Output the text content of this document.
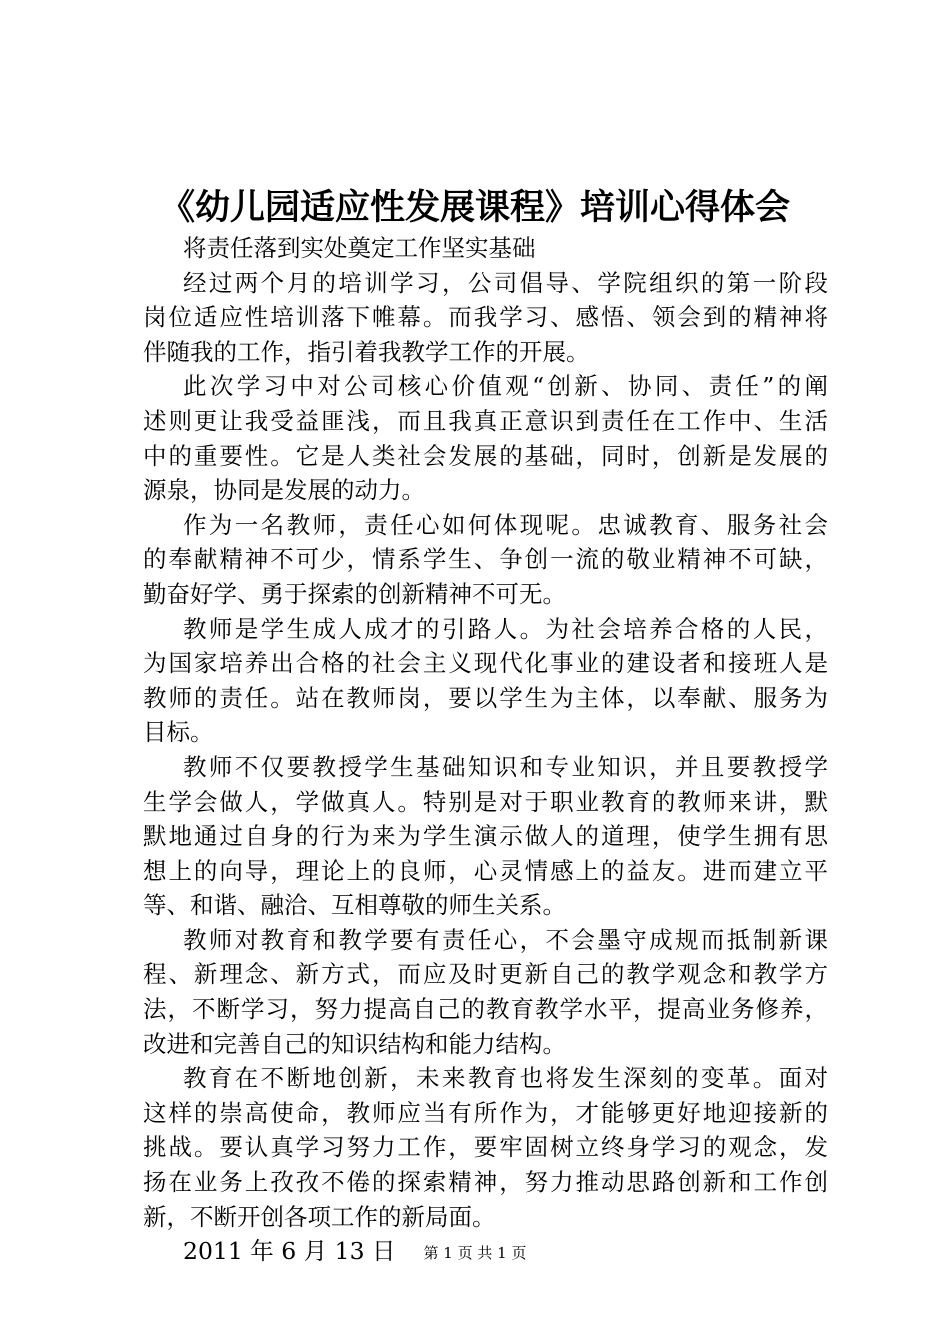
《幼儿园适应性发展课程》培训心得体会
将责任落到实处奠定工作坚实基础
经过两个月的培训学习，公司倡导、学院组织的第一阶段
岗位适应性培训落下帷幕。而我学习、感悟、领会到的精神将
伴随我的工作，指引着我教学工作的开展。
此次学习中对公司核心价值观“创新、协同、责任”的阐
述则更让我受益匪浅，而且我真正意识到责任在工作中、生活
中的重要性。它是人类社会发展的基础，同时，创新是发展的
源泉，协同是发展的动力。
作为一名教师，责任心如何体现呢。忠诚教育、服务社会
的奉献精神不可少，情系学生、争创一流的敬业精神不可缺，
勤奋好学、勇于探索的创新精神不可无。
教师是学生成人成才的引路人。为社会培养合格的人民，
为国家培养出合格的社会主义现代化事业的建设者和接班人是
教师的责任。站在教师岗，要以学生为主体，以奉献、服务为
目标。
教师不仅要教授学生基础知识和专业知识，并且要教授学
生学会做人，学做真人。特别是对于职业教育的教师来讲，默
默地通过自身的行为来为学生演示做人的道理，使学生拥有思
想上的向导，理论上的良师，心灵情感上的益友。进而建立平
等、和谐、融洽、互相尊敬的师生关系。
教师对教育和教学要有责任心，不会墨守成规而抵制新课
程、新理念、新方式，而应及时更新自己的教学观念和教学方
法，不断学习，努力提高自己的教育教学水平，提高业务修养，
改进和完善自己的知识结构和能力结构。
教育在不断地创新，未来教育也将发生深刻的变革。面对
这样的崇高使命，教师应当有所作为，才能够更好地迎接新的
挑战。要认真学习努力工作，要牢固树立终身学习的观念，发
扬在业务上孜孜不倦的探索精神，努力推动思路创新和工作创
新，不断开创各项工作的新局面。
2011 年 6 月 13 日	第 1 页 共 1 页
